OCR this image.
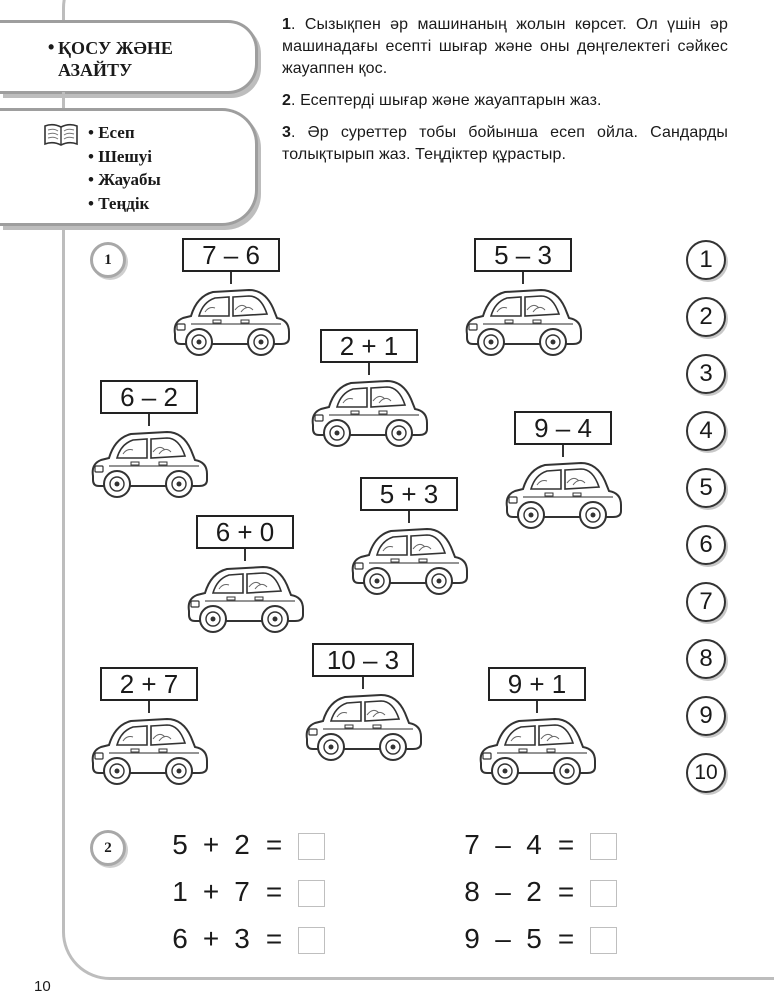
• ҚОСУ ЖӘНЕ АЗАЙТУ
• Есеп
• Шешуі
• Жауабы
• Теңдік

1. Сызықпен әр машинаның жолын көрсет. Ол үшін әр машинадағы есепті шығар және оны дөңгелектегі сәйкес жауаппен қос.

2. Есептерді шығар және жауаптарын жаз.

3. Әр суреттер тобы бойынша есеп ойла. Сандарды толықтырып жаз. Теңдіктер құрастыр.

1
2
7 – 6	5 – 3
2 + 1
6 – 2
9 – 4
5 + 3
6 + 0
2 + 7
10 – 3
9 + 1
1
2
3
4
5
6
7
8
9
10
5 + 2 =	7 – 4 =
1 + 7 =	8 – 2 =
6 + 3 =	9 – 5 =
10
